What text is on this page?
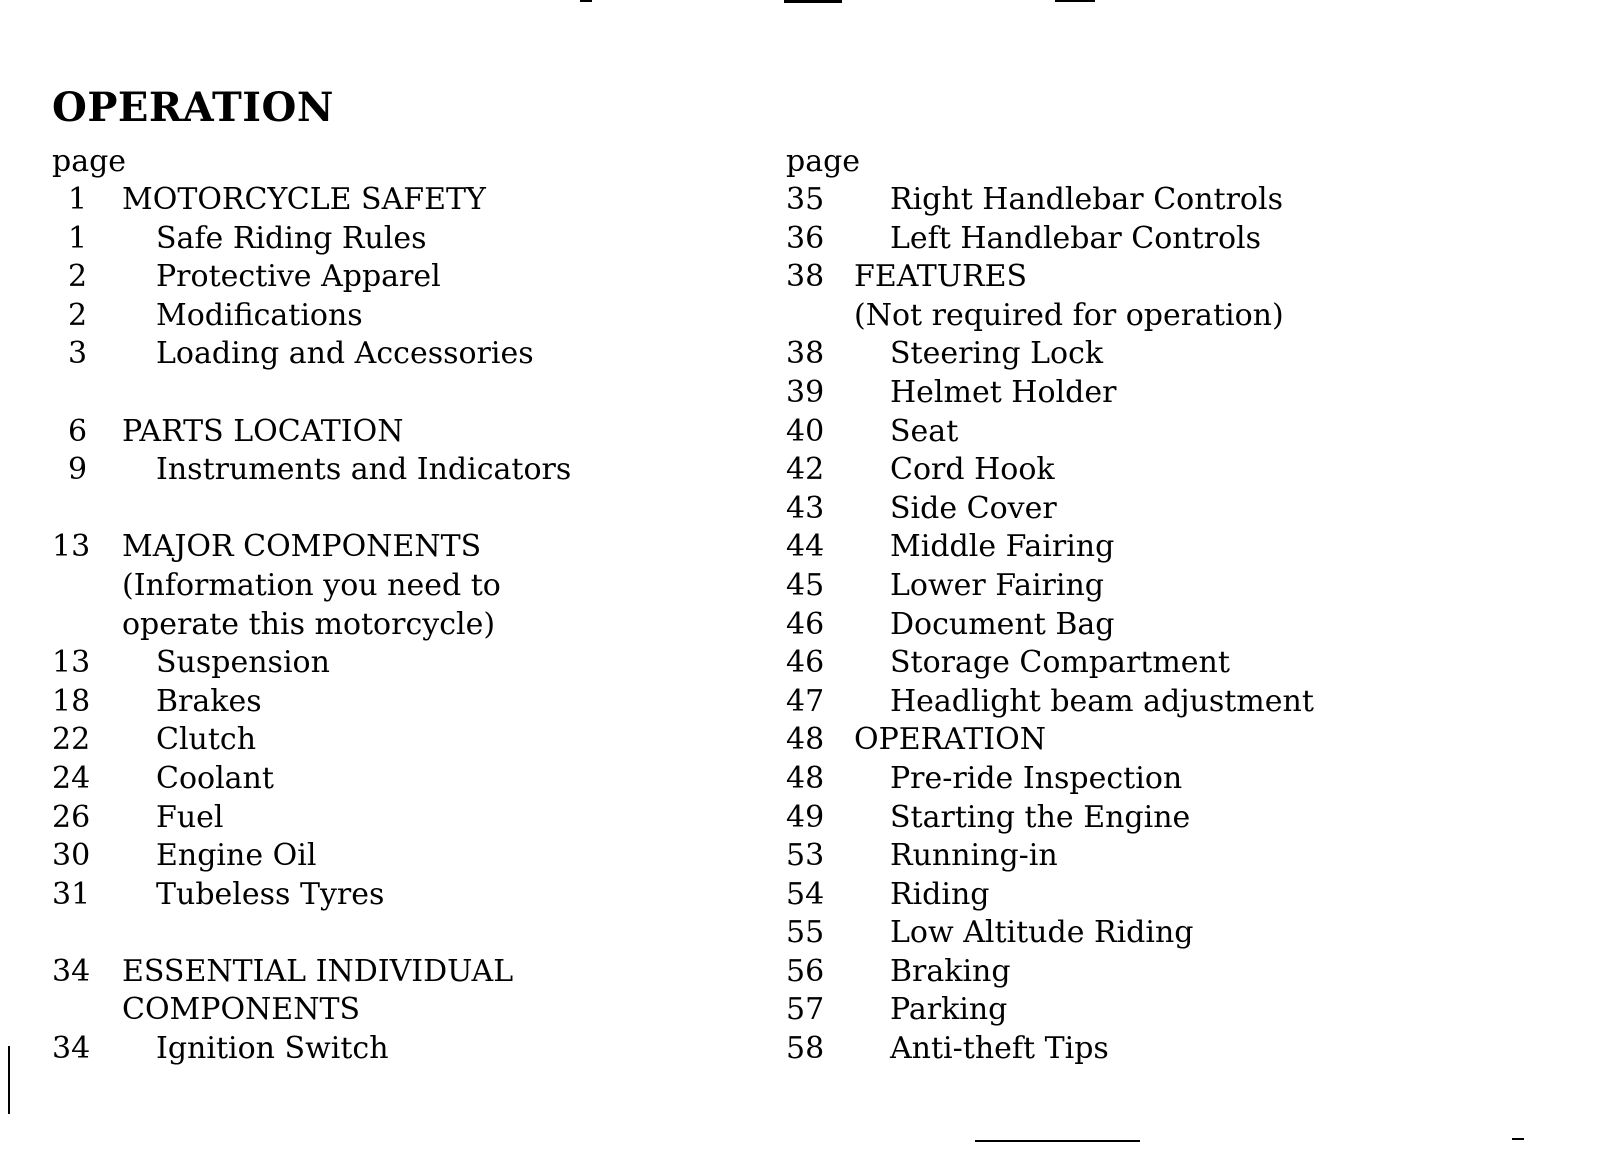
OPERATION
page
1 MOTORCYCLE SAFETY
1 Safe Riding Rules
2 Protective Apparel
2 Modifications
3 Loading and Accessories
6 PARTS LOCATION
9 Instruments and Indicators
13 MAJOR COMPONENTS
(Information you need to
operate this motorcycle)
13 Suspension
18 Brakes
22 Clutch
24 Coolant
26 Fuel
30 Engine Oil
31 Tubeless Tyres
34 ESSENTIAL INDIVIDUAL
COMPONENTS
34 Ignition Switch
page
35 Right Handlebar Controls
36 Left Handlebar Controls
38 FEATURES
(Not required for operation)
38 Steering Lock
39 Helmet Holder
40 Seat
42 Cord Hook
43 Side Cover
44 Middle Fairing
45 Lower Fairing
46 Document Bag
46 Storage Compartment
47 Headlight beam adjustment
48 OPERATION
48 Pre-ride Inspection
49 Starting the Engine
53 Running-in
54 Riding
55 Low Altitude Riding
56 Braking
57 Parking
58 Anti-theft Tips
